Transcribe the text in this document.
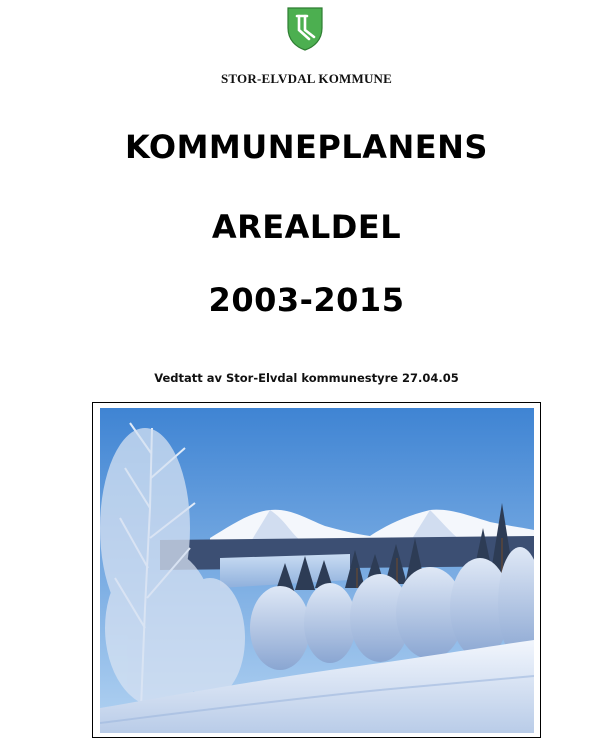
STOR-ELVDAL KOMMUNE
KOMMUNEPLANENS
AREALDEL
2003-2015
Vedtatt av Stor-Elvdal kommunestyre 27.04.05
